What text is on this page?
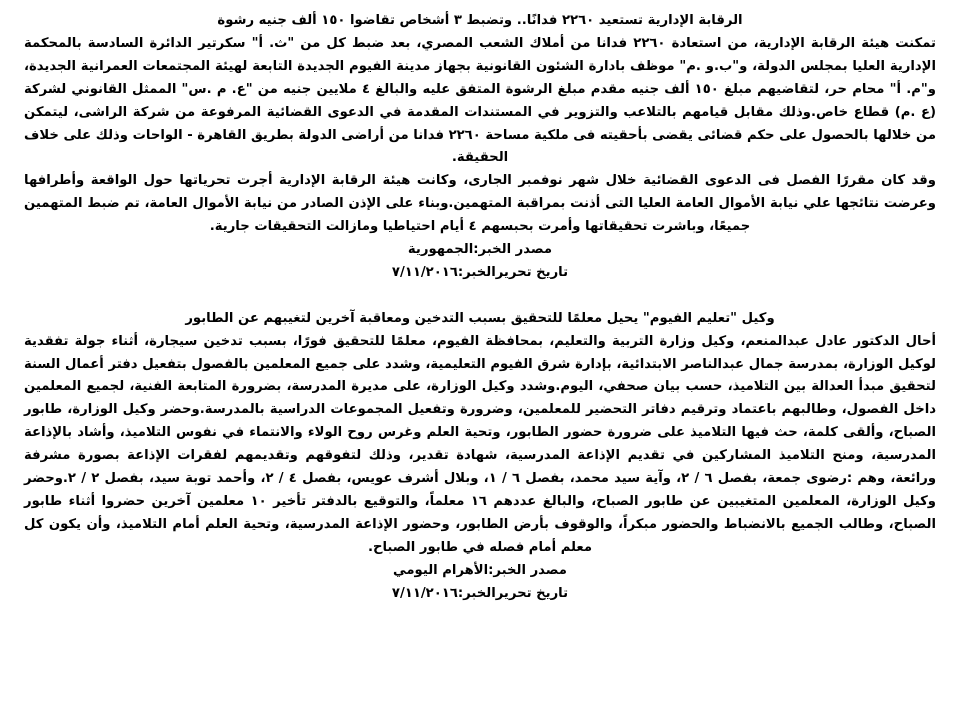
الرقابة الإدارية تستعيد ٢٢٦٠ فدانًا.. وتضبط ٣ أشخاص تقاضوا ١٥٠ ألف جنيه رشوة

تمكنت هيئة الرقابة الإدارية، من استعادة ٢٢٦٠ فدانا من أملاك الشعب المصري، بعد ضبط كل من "ث. أ" سكرتير الدائرة السادسة بالمحكمة الإدارية العليا بمجلس الدولة، و"ب.و .م" موظف بادارة الشئون القانونية بجهاز مدينة الفيوم الجديدة التابعة لهيئة المجتمعات العمرانية الجديدة، و"م. أ" محام حر، لتقاضيهم مبلغ ١٥٠ ألف جنيه مقدم مبلغ الرشوة المتفق عليه والبالغ ٤ ملايين جنيه من "ع. م .س" الممثل القانوني لشركة (ع .م) قطاع خاص.وذلك مقابل قيامهم بالتلاعب والتزوير في المستندات المقدمة في الدعوى القضائية المرفوعة من شركة الراشى، ليتمكن من خلالها بالحصول على حكم قضائى يقضى بأحقيته فى ملكية مساحة ٢٢٦٠ فدانا من أراضى الدولة بطريق القاهرة - الواحات وذلك على خلاف الحقيقة.

وقد كان مقررًا الفصل فى الدعوى القضائية خلال شهر نوفمبر الجارى، وكانت هيئة الرقابة الإدارية أجرت تحرياتها حول الواقعة وأطرافها وعرضت نتائجها علي نيابة الأموال العامة العليا التى أذنت بمراقبة المتهمين.وبناء على الإذن الصادر من نيابة الأموال العامة، تم ضبط المتهمين جميعًا، وباشرت تحقيقاتها وأمرت بحبسهم ٤ أيام احتياطيا ومازالت التحقيقات جارية.

مصدر الخبر:الجمهورية

تاريخ تحريرالخبر:٧/١١/٢٠١٦

وكيل "تعليم الفيوم" يحيل معلمًا للتحقيق بسبب التدخين ومعاقبة آخرين لتغيبهم عن الطابور

أحال الدكتور عادل عبدالمنعم، وكيل وزارة التربية والتعليم، بمحافظة الفيوم، معلمًا للتحقيق فورًا، بسبب تدخين سيجارة، أثناء جولة تفقدية لوكيل الوزارة، بمدرسة جمال عبدالناصر الابتدائية، بإدارة شرق الفيوم التعليمية، وشدد على جميع المعلمين بالفصول بتفعيل دفتر أعمال السنة لتحقيق مبدأ العدالة بين التلاميذ، حسب بيان صحفي، اليوم.وشدد وكيل الوزارة، على مديرة المدرسة، بضرورة المتابعة الفنية، لجميع المعلمين داخل الفصول، وطالبهم باعتماد وترقيم دفاتر التحضير للمعلمين، وضرورة وتفعيل المجموعات الدراسية بالمدرسة.وحضر وكيل الوزارة، طابور الصباح، وألقى كلمة، حث فيها التلاميذ على ضرورة حضور الطابور، وتحية العلم وغرس روح الولاء والانتماء في نفوس التلاميذ، وأشاد بالإذاعة المدرسية، ومنح التلاميذ المشاركين في تقديم الإذاعة المدرسية، شهادة تقدير، وذلك لتفوقهم وتقديمهم لفقرات الإذاعة بصورة مشرفة ورائعة، وهم :رضوى جمعة، بفصل ٦ / ٢، وآية سيد محمد، بفصل ٦ / ١، وبلال أشرف عويس، بفصل ٤ / ٢، وأحمد توبة سيد، بفصل ٢ / ٢.وحضر وكيل الوزارة، المعلمين المتغيبين عن طابور الصباح، والبالغ عددهم ١٦ معلماً، والتوقيع بالدفتر تأخير ١٠ معلمين آخرين حضروا أثناء طابور الصباح، وطالب الجميع بالانضباط والحضور مبكراً، والوقوف بأرض الطابور، وحضور الإذاعة المدرسية، وتحية العلم أمام التلاميذ، وأن يكون كل معلم أمام فصله في طابور الصباح.

مصدر الخبر:الأهرام اليومي

تاريخ تحريرالخبر:٧/١١/٢٠١٦
